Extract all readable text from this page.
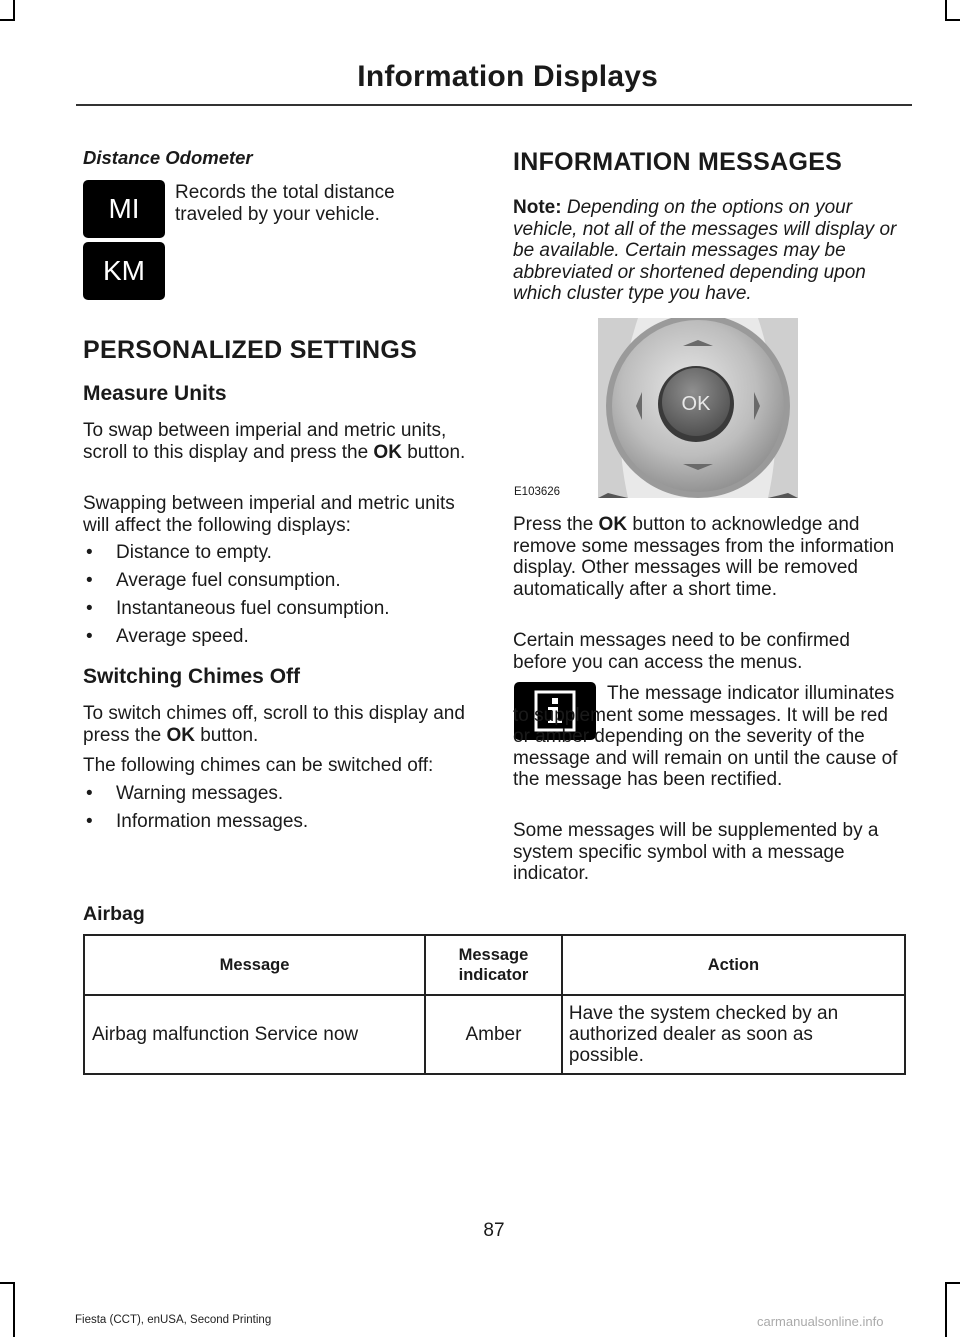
Information Displays
Distance Odometer
MI
KM
Records the total distance traveled by your vehicle.
PERSONALIZED SETTINGS
Measure Units
To swap between imperial and metric units, scroll to this display and press the OK button.
Swapping between imperial and metric units will affect the following displays:
• Distance to empty.
• Average fuel consumption.
• Instantaneous fuel consumption.
• Average speed.
Switching Chimes Off
To switch chimes off, scroll to this display and press the OK button.
The following chimes can be switched off:
• Warning messages.
• Information messages.
INFORMATION MESSAGES
Note: Depending on the options on your vehicle, not all of the messages will display or be available. Certain messages may be abbreviated or shortened depending upon which cluster type you have.
OK
E103626
Press the OK button to acknowledge and remove some messages from the information display. Other messages will be removed automatically after a short time.
Certain messages need to be confirmed before you can access the menus.
The message indicator illuminates to supplement some messages. It will be red or amber depending on the severity of the message and will remain on until the cause of the message has been rectified.
Some messages will be supplemented by a system specific symbol with a message indicator.
Airbag
Message	Message indicator	Action
Airbag malfunction Service now	Amber	Have the system checked by an authorized dealer as soon as possible.
87
Fiesta (CCT), enUSA, Second Printing	carmanualsonline.info
